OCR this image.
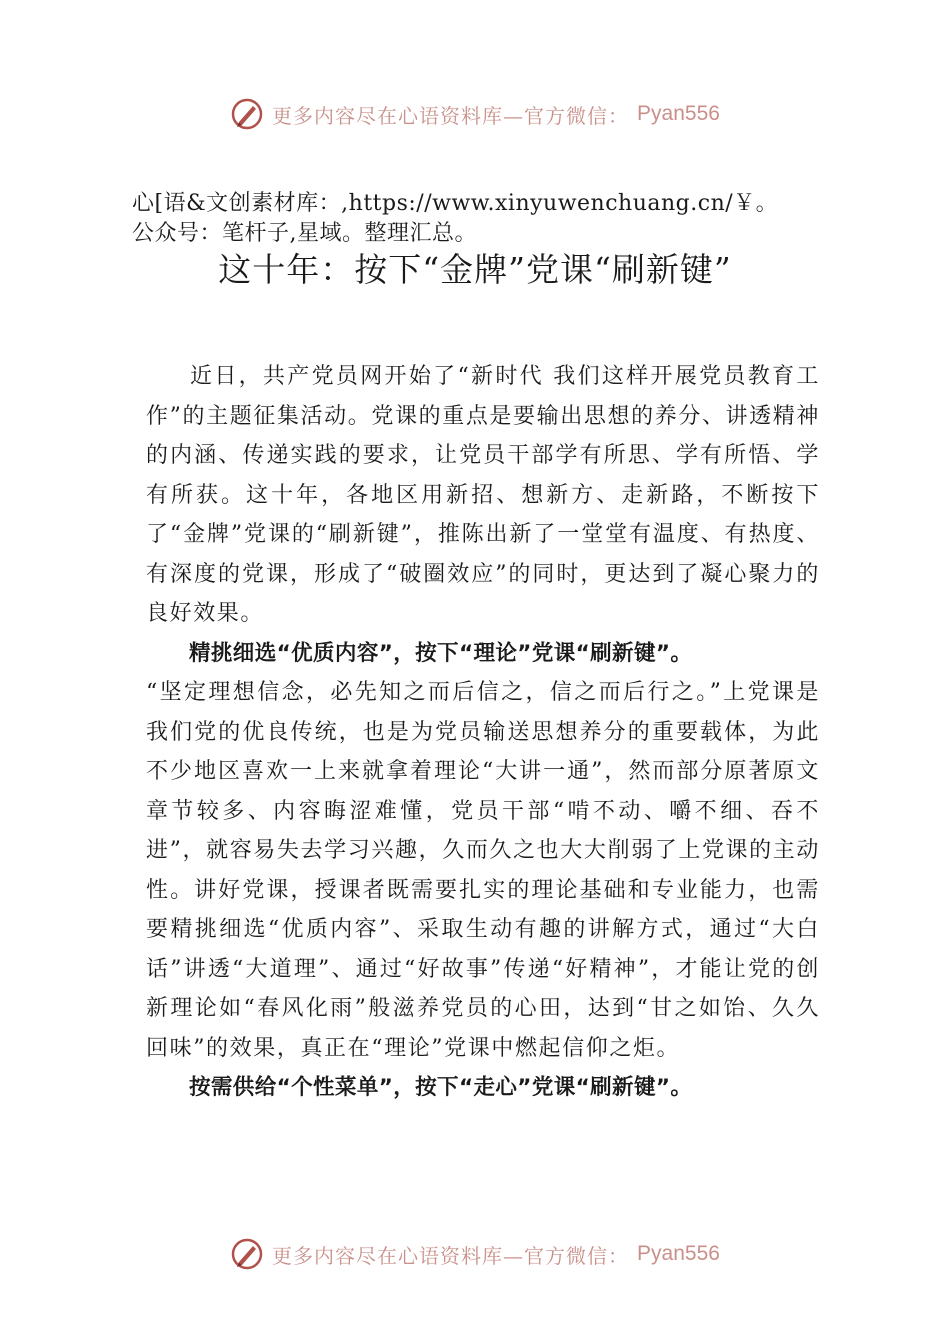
更多内容尽在心语资料库—官方微信： Pyan556
心[语&文创素材库：,https://www.xinyuwenchuang.cn/￥。
公众号：笔杆子,星域。整理汇总。
这十年：按下“金牌”党课“刷新键”

近日，共产党员网开始了“新时代 我们这样开展党员教育工作”的主题征集活动。党课的重点是要输出思想的养分、讲透精神的内涵、传递实践的要求，让党员干部学有所思、学有所悟、学有所获。这十年，各地区用新招、想新方、走新路，不断按下了“金牌”党课的“刷新键”，推陈出新了一堂堂有温度、有热度、有深度的党课，形成了“破圈效应”的同时，更达到了凝心聚力的良好效果。

精挑细选“优质内容”，按下“理论”党课“刷新键”。

“坚定理想信念，必先知之而后信之，信之而后行之。”上党课是我们党的优良传统，也是为党员输送思想养分的重要载体，为此不少地区喜欢一上来就拿着理论“大讲一通”，然而部分原著原文章节较多、内容晦涩难懂，党员干部“啃不动、嚼不细、吞不进”，就容易失去学习兴趣，久而久之也大大削弱了上党课的主动性。讲好党课，授课者既需要扎实的理论基础和专业能力，也需要精挑细选“优质内容”、采取生动有趣的讲解方式，通过“大白话”讲透“大道理”、通过“好故事”传递“好精神”，才能让党的创新理论如“春风化雨”般滋养党员的心田，达到“甘之如饴、久久回味”的效果，真正在“理论”党课中燃起信仰之炬。

按需供给“个性菜单”，按下“走心”党课“刷新键”。

更多内容尽在心语资料库—官方微信： Pyan556
